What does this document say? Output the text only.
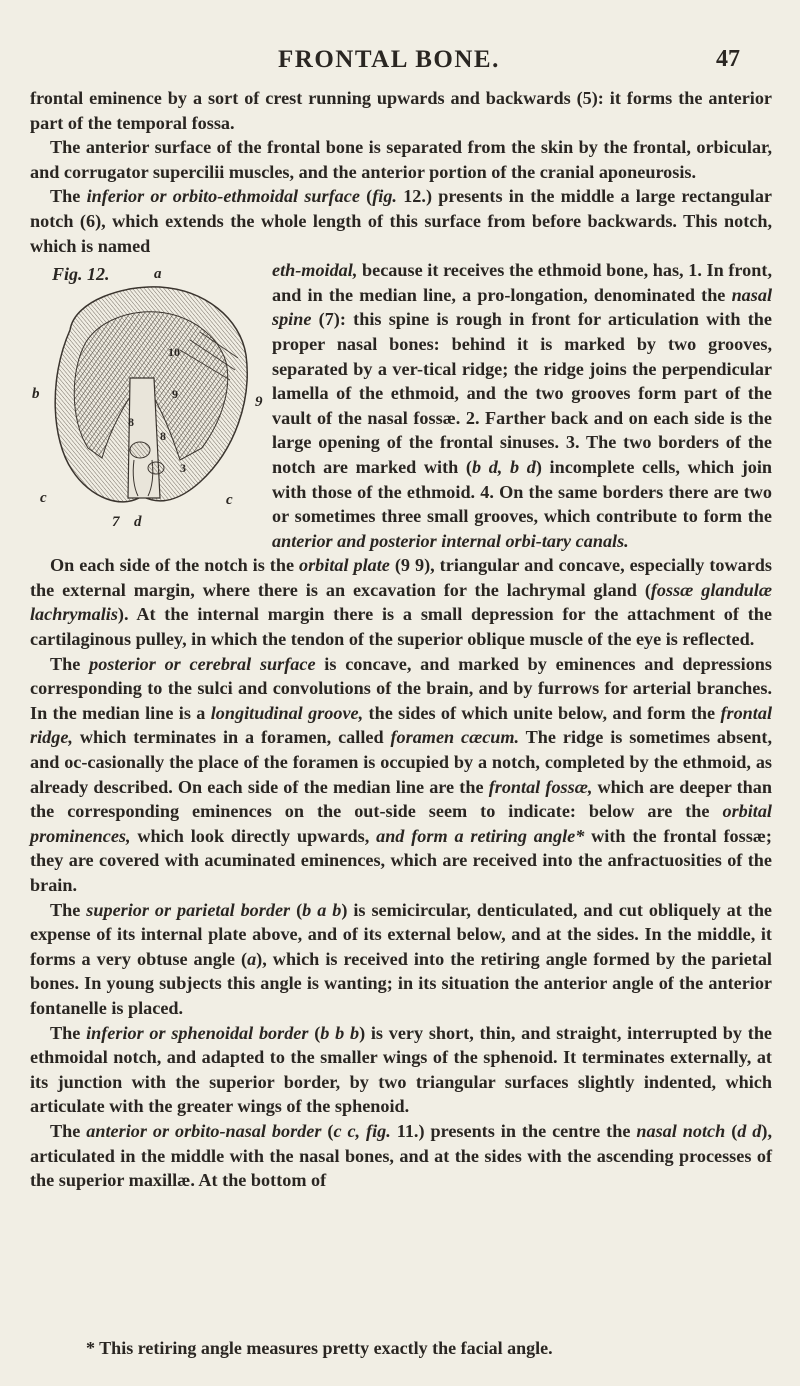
FRONTAL BONE.	47

frontal eminence by a sort of crest running upwards and backwards (5): it forms the anterior part of the temporal fossa.

The anterior surface of the frontal bone is separated from the skin by the frontal, orbicular, and corrugator supercilii muscles, and the anterior portion of the cranial aponeurosis.

The inferior or orbito-ethmoidal surface (fig. 12.) presents in the middle a large rectangular notch (6), which extends the whole length of this surface from before backwards. This notch, which is named

Fig. 12.	a
b
c	c
d
7
9
10
9
8
8
3
eth-moidal, because it receives the ethmoid bone, has, 1. In front, and in the median line, a pro-longation, denominated the nasal spine (7): this spine is rough in front for articulation with the proper nasal bones: behind it is marked by two grooves, separated by a ver-tical ridge; the ridge joins the perpendicular lamella of the ethmoid, and the two grooves form part of the vault of the nasal fossæ. 2. Farther back and on each side is the large opening of the frontal sinuses. 3. The two borders of the notch are marked with (b d, b d) incomplete cells, which join with those of the ethmoid. 4. On the same borders there are two or sometimes three small grooves, which contribute to form the anterior and posterior internal orbi-tary canals.

On each side of the notch is the orbital plate (9 9), triangular and concave, especially towards the external margin, where there is an excavation for the lachrymal gland (fossæ glandulæ lachrymalis). At the internal margin there is a small depression for the attachment of the cartilaginous pulley, in which the tendon of the superior oblique muscle of the eye is reflected.

The posterior or cerebral surface is concave, and marked by eminences and depressions corresponding to the sulci and convolutions of the brain, and by furrows for arterial branches. In the median line is a longitudinal groove, the sides of which unite below, and form the frontal ridge, which terminates in a foramen, called foramen cæcum. The ridge is sometimes absent, and oc-casionally the place of the foramen is occupied by a notch, completed by the ethmoid, as already described. On each side of the median line are the frontal fossæ, which are deeper than the corresponding eminences on the out-side seem to indicate: below are the orbital prominences, which look directly upwards, and form a retiring angle* with the frontal fossæ; they are covered with acuminated eminences, which are received into the anfractuosities of the brain.

The superior or parietal border (b a b) is semicircular, denticulated, and cut obliquely at the expense of its internal plate above, and of its external below, and at the sides. In the middle, it forms a very obtuse angle (a), which is received into the retiring angle formed by the parietal bones. In young subjects this angle is wanting; in its situation the anterior angle of the anterior fontanelle is placed.

The inferior or sphenoidal border (b b b) is very short, thin, and straight, interrupted by the ethmoidal notch, and adapted to the smaller wings of the sphenoid. It terminates externally, at its junction with the superior border, by two triangular surfaces slightly indented, which articulate with the greater wings of the sphenoid.

The anterior or orbito-nasal border (c c, fig. 11.) presents in the centre the nasal notch (d d), articulated in the middle with the nasal bones, and at the sides with the ascending processes of the superior maxillæ. At the bottom of

* This retiring angle measures pretty exactly the facial angle.
